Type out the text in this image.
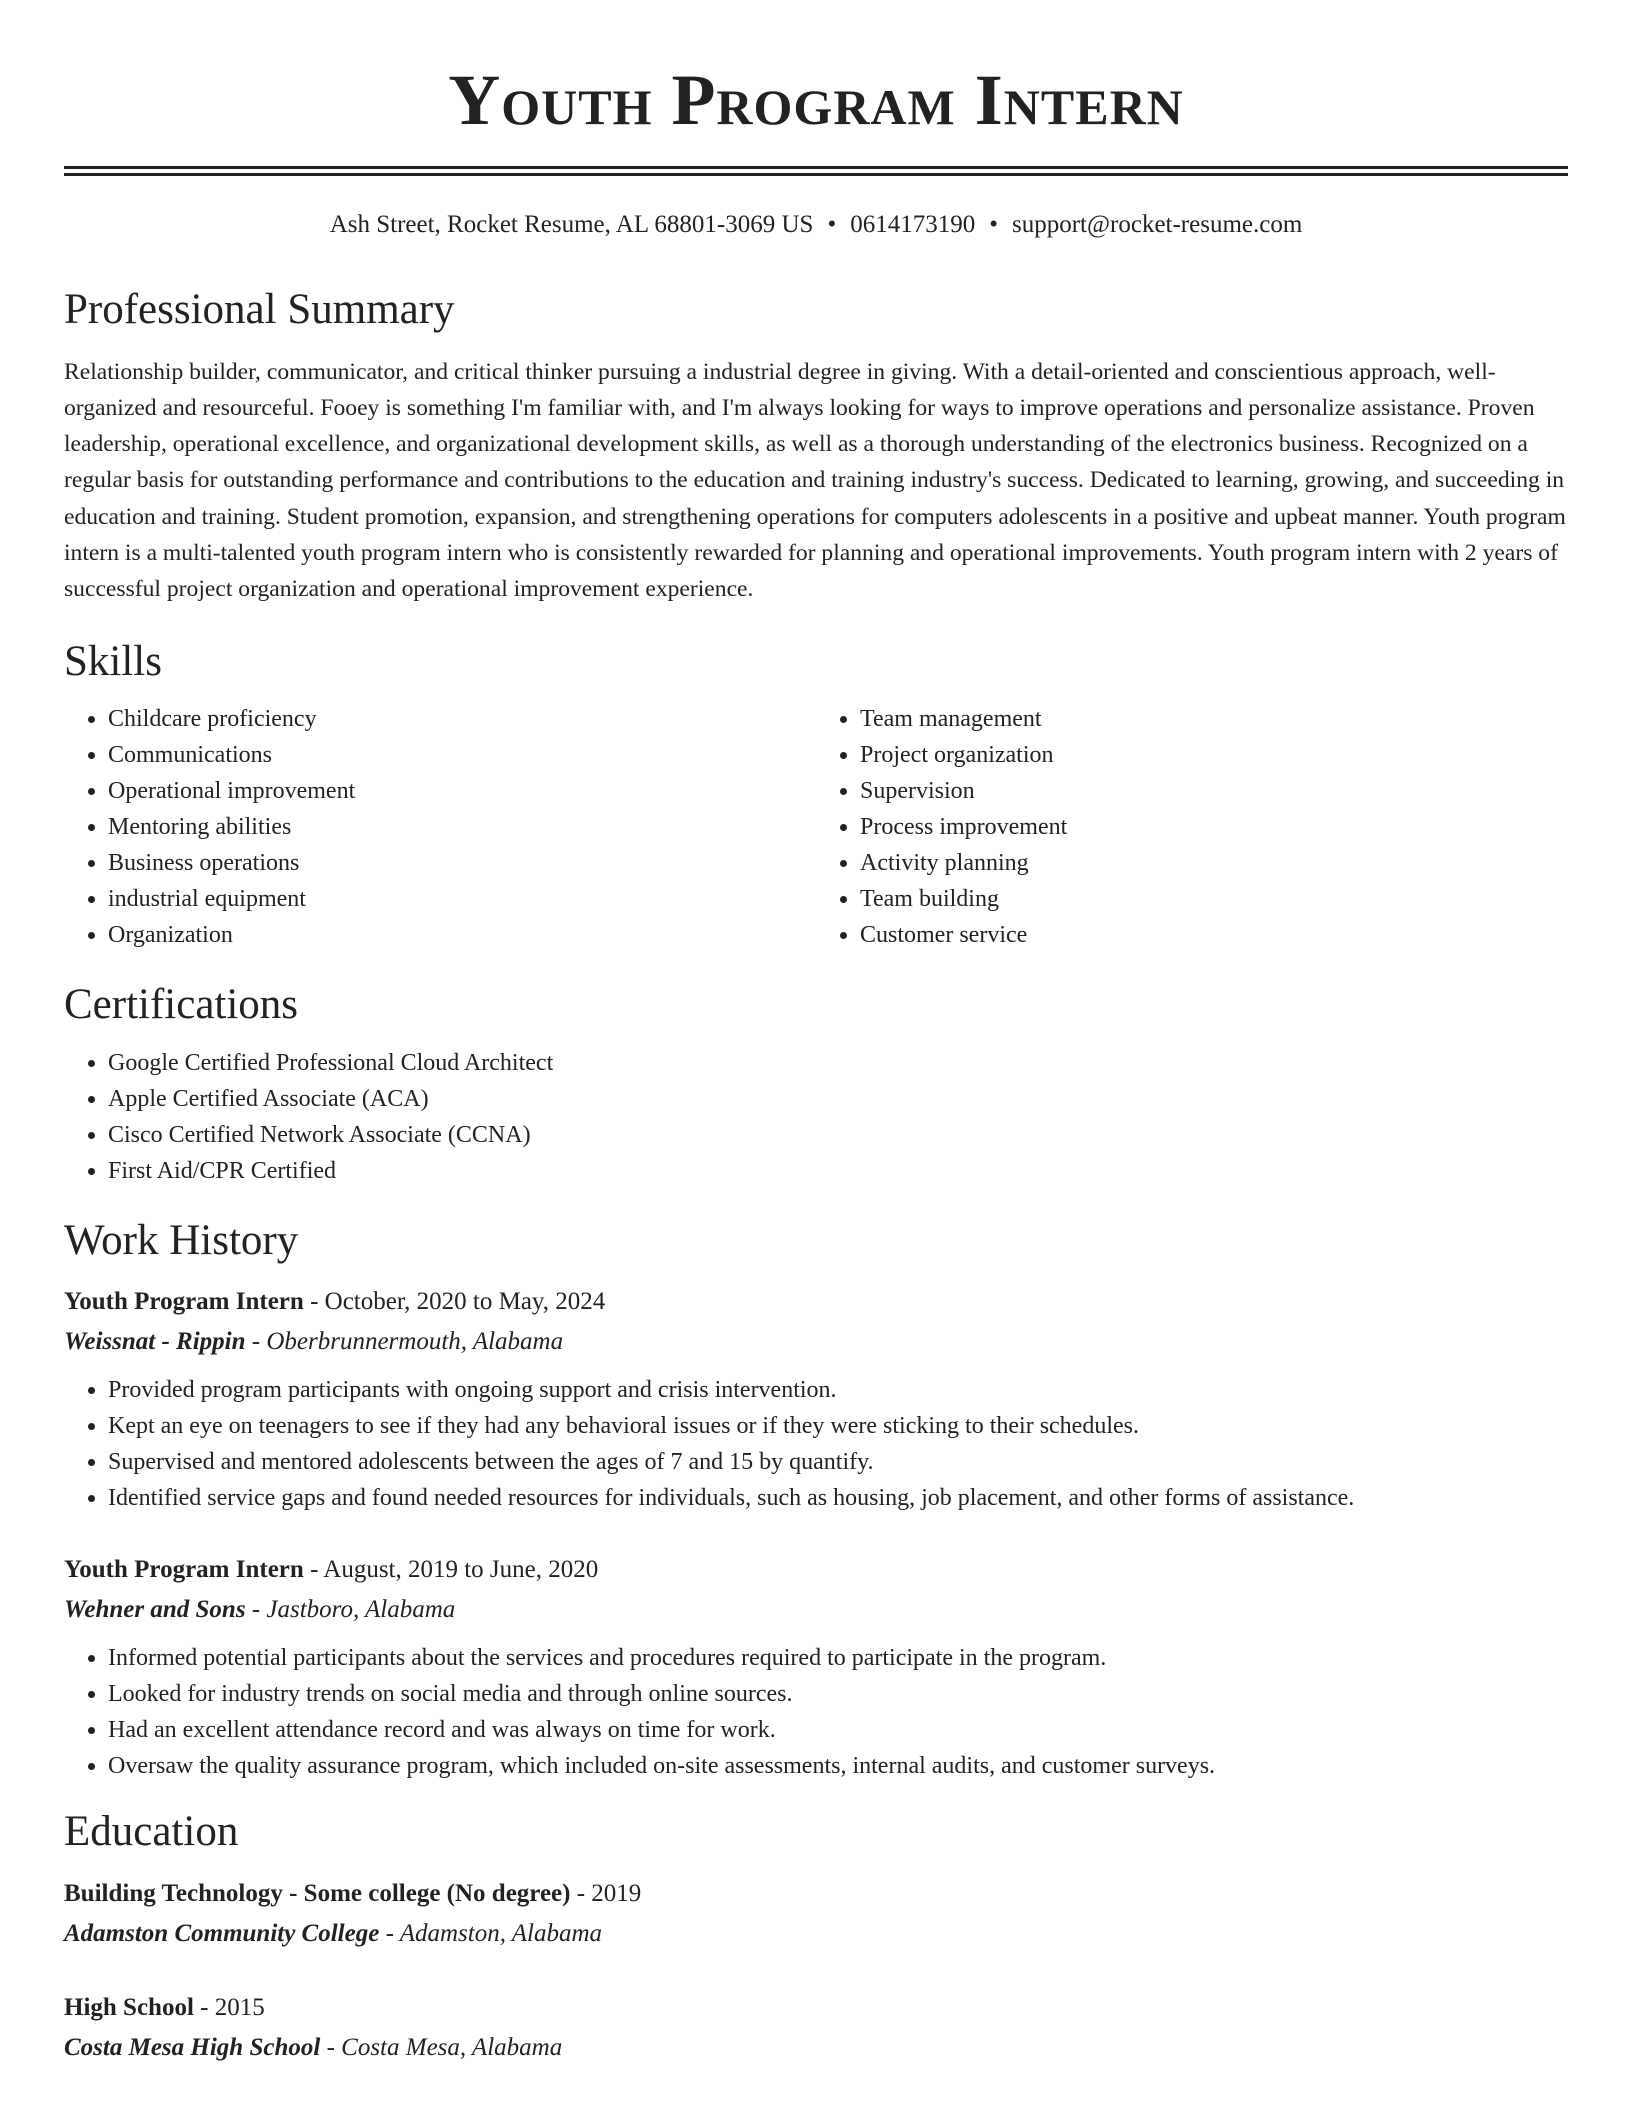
Youth Program Intern
Ash Street, Rocket Resume, AL 68801-3069 US • 0614173190 • support@rocket-resume.com
Professional Summary

Relationship builder, communicator, and critical thinker pursuing a industrial degree in giving. With a detail-oriented and conscientious approach, well-organized and resourceful. Fooey is something I'm familiar with, and I'm always looking for ways to improve operations and personalize assistance. Proven leadership, operational excellence, and organizational development skills, as well as a thorough understanding of the electronics business. Recognized on a regular basis for outstanding performance and contributions to the education and training industry's success. Dedicated to learning, growing, and succeeding in education and training. Student promotion, expansion, and strengthening operations for computers adolescents in a positive and upbeat manner. Youth program intern is a multi-talented youth program intern who is consistently rewarded for planning and operational improvements. Youth program intern with 2 years of successful project organization and operational improvement experience.

Skills
• Childcare proficiency
• Communications
• Operational improvement
• Mentoring abilities
• Business operations
• industrial equipment
• Organization
• Team management
• Project organization
• Supervision
• Process improvement
• Activity planning
• Team building
• Customer service
Certifications
• Google Certified Professional Cloud Architect
• Apple Certified Associate (ACA)
• Cisco Certified Network Associate (CCNA)
• First Aid/CPR Certified
Work History
Youth Program Intern - October, 2020 to May, 2024
Weissnat - Rippin - Oberbrunnermouth, Alabama
• Provided program participants with ongoing support and crisis intervention.
• Kept an eye on teenagers to see if they had any behavioral issues or if they were sticking to their schedules.
• Supervised and mentored adolescents between the ages of 7 and 15 by quantify.
• Identified service gaps and found needed resources for individuals, such as housing, job placement, and other forms of assistance.
Youth Program Intern - August, 2019 to June, 2020
Wehner and Sons - Jastboro, Alabama
• Informed potential participants about the services and procedures required to participate in the program.
• Looked for industry trends on social media and through online sources.
• Had an excellent attendance record and was always on time for work.
• Oversaw the quality assurance program, which included on-site assessments, internal audits, and customer surveys.
Education
Building Technology - Some college (No degree) - 2019
Adamston Community College - Adamston, Alabama
High School - 2015
Costa Mesa High School - Costa Mesa, Alabama
